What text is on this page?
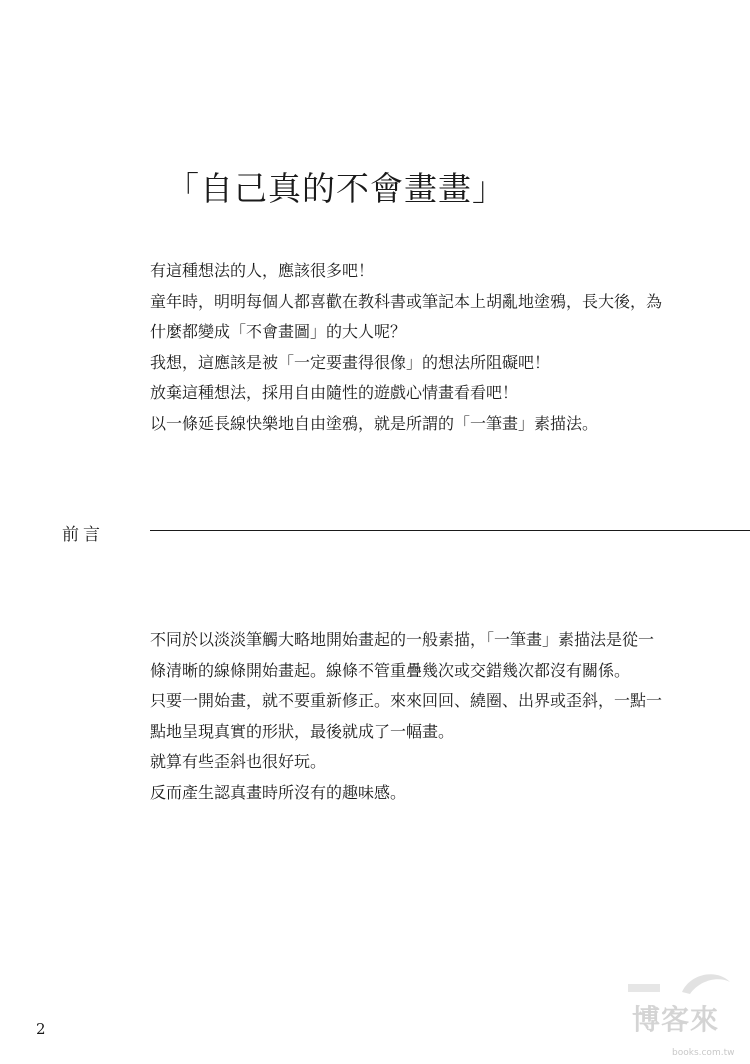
「自己真的不會畫畫」
有這種想法的人，應該很多吧！
童年時，明明每個人都喜歡在教科書或筆記本上胡亂地塗鴉，長大後，為
什麼都變成「不會畫圖」的大人呢？
我想，這應該是被「一定要畫得很像」的想法所阻礙吧！
放棄這種想法，採用自由隨性的遊戲心情畫看看吧！
以一條延長線快樂地自由塗鴉，就是所謂的「一筆畫」素描法。
前言
不同於以淡淡筆觸大略地開始畫起的一般素描，「一筆畫」素描法是從一
條清晰的線條開始畫起。線條不管重疊幾次或交錯幾次都沒有關係。
只要一開始畫，就不要重新修正。來來回回、繞圈、出界或歪斜，一點一
點地呈現真實的形狀，最後就成了一幅畫。
就算有些歪斜也很好玩。
反而產生認真畫時所沒有的趣味感。
2	博客來
books.com.tw
